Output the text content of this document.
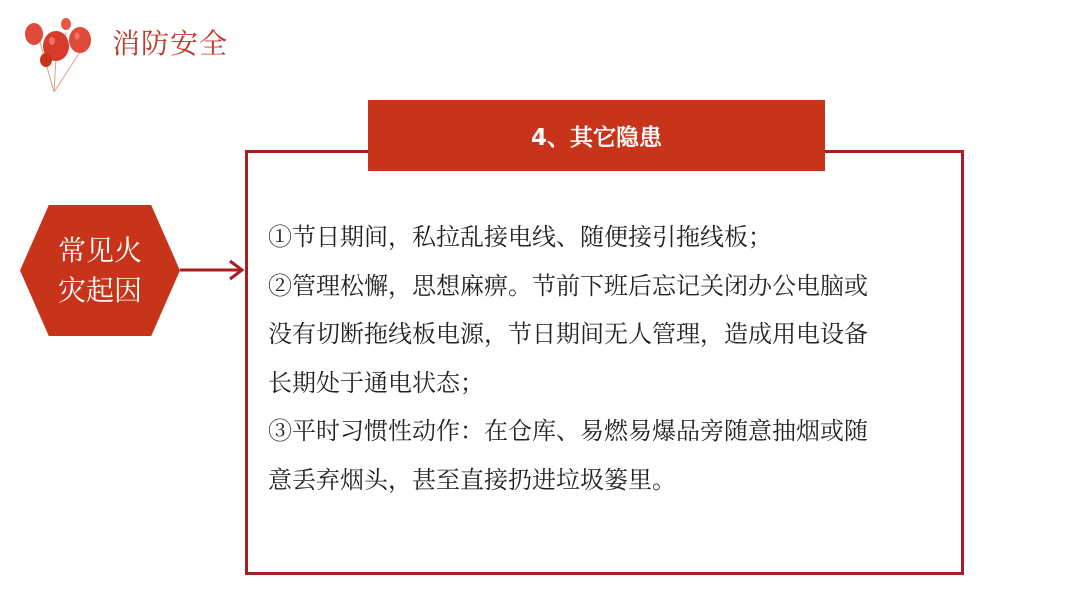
消防安全
常见火
灾起因
4、其它隐患
①节日期间，私拉乱接电线、随便接引拖线板；
②管理松懈，思想麻痹。节前下班后忘记关闭办公电脑或
没有切断拖线板电源，节日期间无人管理，造成用电设备
长期处于通电状态；
③平时习惯性动作：在仓库、易燃易爆品旁随意抽烟或随
意丢弃烟头，甚至直接扔进垃圾篓里。
